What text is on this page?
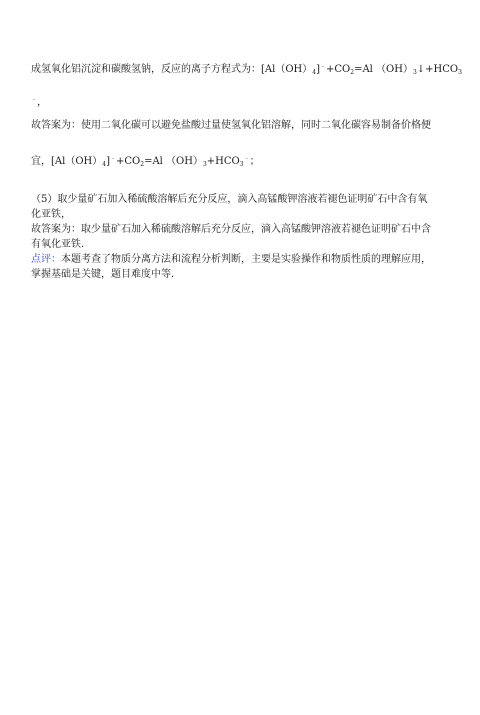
成氢氧化铝沉淀和碳酸氢钠，反应的离子方程式为：$[Al(OH)_4]^﹣+CO_2=Al$ $(OH)_3↓+HCO_3$
﹣，
故答案为：使用二氧化碳可以避免盐酸过量使氢氧化铝溶解，同时二氧化碳容易制备价格便
宜，$[Al(OH)_4]^﹣+CO_2=Al$ $(OH)_3+HCO_3^﹣$；
（5）取少量矿石加入稀硫酸溶解后充分反应，滴入高锰酸钾溶液若褪色证明矿石中含有氧
化亚铁，
故答案为：取少量矿石加入稀硫酸溶解后充分反应，滴入高锰酸钾溶液若褪色证明矿石中含
有氧化亚铁．
点评：本题考查了物质分离方法和流程分析判断，主要是实验操作和物质性质的理解应用，
掌握基础是关键，题目难度中等．
